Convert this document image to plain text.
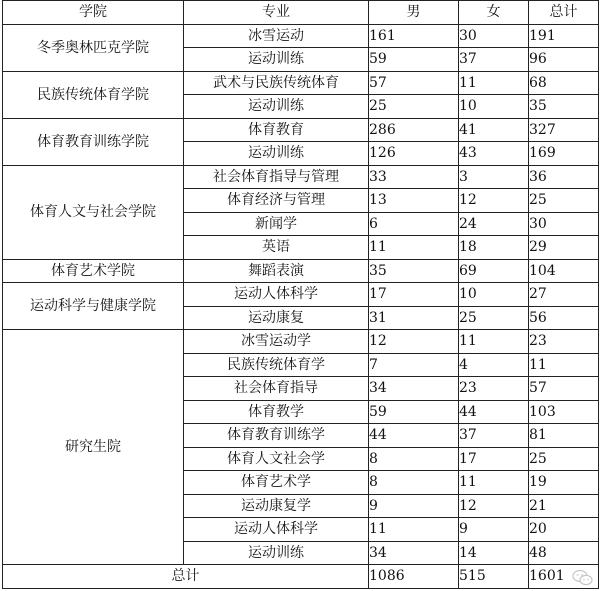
学院	专业	男	女	总计
冬季奥林匹克学院	冰雪运动	161	30	191
	运动训练	59	37	96
民族传统体育学院	武术与民族传统体育	57	11	68
	运动训练	25	10	35
体育教育训练学院	体育教育	286	41	327
	运动训练	126	43	169
体育人文与社会学院	社会体育指导与管理	33	3	36
	体育经济与管理	13	12	25
	新闻学	6	24	30
	英语	11	18	29
体育艺术学院	舞蹈表演	35	69	104
运动科学与健康学院	运动人体科学	17	10	27
	运动康复	31	25	56
研究生院	冰雪运动学	12	11	23
	民族传统体育学	7	4	11
	社会体育指导	34	23	57
	体育教学	59	44	103
	体育教育训练学	44	37	81
	体育人文社会学	8	17	25
	体育艺术学	8	11	19
	运动康复学	9	12	21
	运动人体科学	11	9	20
	运动训练	34	14	48
总计		1086	515	1601
